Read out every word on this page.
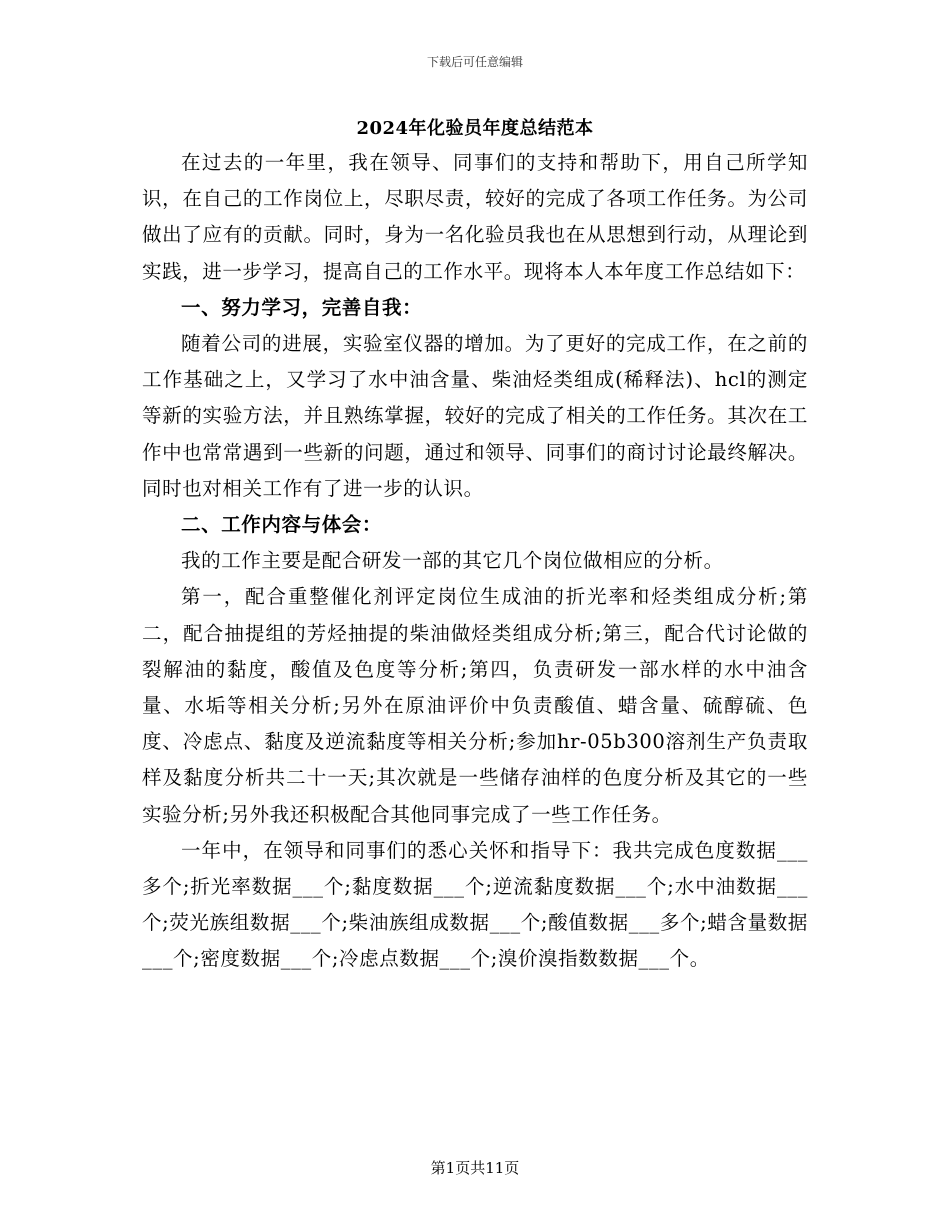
下载后可任意编辑
2024年化验员年度总结范本

在过去的一年里，我在领导、同事们的支持和帮助下，用自己所学知识，在自己的工作岗位上，尽职尽责，较好的完成了各项工作任务。为公司做出了应有的贡献。同时，身为一名化验员我也在从思想到行动，从理论到实践，进一步学习，提高自己的工作水平。现将本人本年度工作总结如下：

一、努力学习，完善自我：

随着公司的进展，实验室仪器的增加。为了更好的完成工作，在之前的工作基础之上，又学习了水中油含量、柴油烃类组成(稀释法)、hcl的测定等新的实验方法，并且熟练掌握，较好的完成了相关的工作任务。其次在工作中也常常遇到一些新的问题，通过和领导、同事们的商讨讨论最终解决。同时也对相关工作有了进一步的认识。

二、工作内容与体会：

我的工作主要是配合研发一部的其它几个岗位做相应的分析。

第一，配合重整催化剂评定岗位生成油的折光率和烃类组成分析;第二，配合抽提组的芳烃抽提的柴油做烃类组成分析;第三，配合代讨论做的裂解油的黏度，酸值及色度等分析;第四，负责研发一部水样的水中油含量、水垢等相关分析;另外在原油评价中负责酸值、蜡含量、硫醇硫、色度、冷虑点、黏度及逆流黏度等相关分析;参加hr-05b300溶剂生产负责取样及黏度分析共二十一天;其次就是一些储存油样的色度分析及其它的一些实验分析;另外我还积极配合其他同事完成了一些工作任务。

一年中，在领导和同事们的悉心关怀和指导下：我共完成色度数据___多个;折光率数据___个;黏度数据___个;逆流黏度数据___个;水中油数据___个;荧光族组数据___个;柴油族组成数据___个;酸值数据___多个;蜡含量数据___个;密度数据___个;冷虑点数据___个;溴价溴指数数据___个。

第1页共11页
